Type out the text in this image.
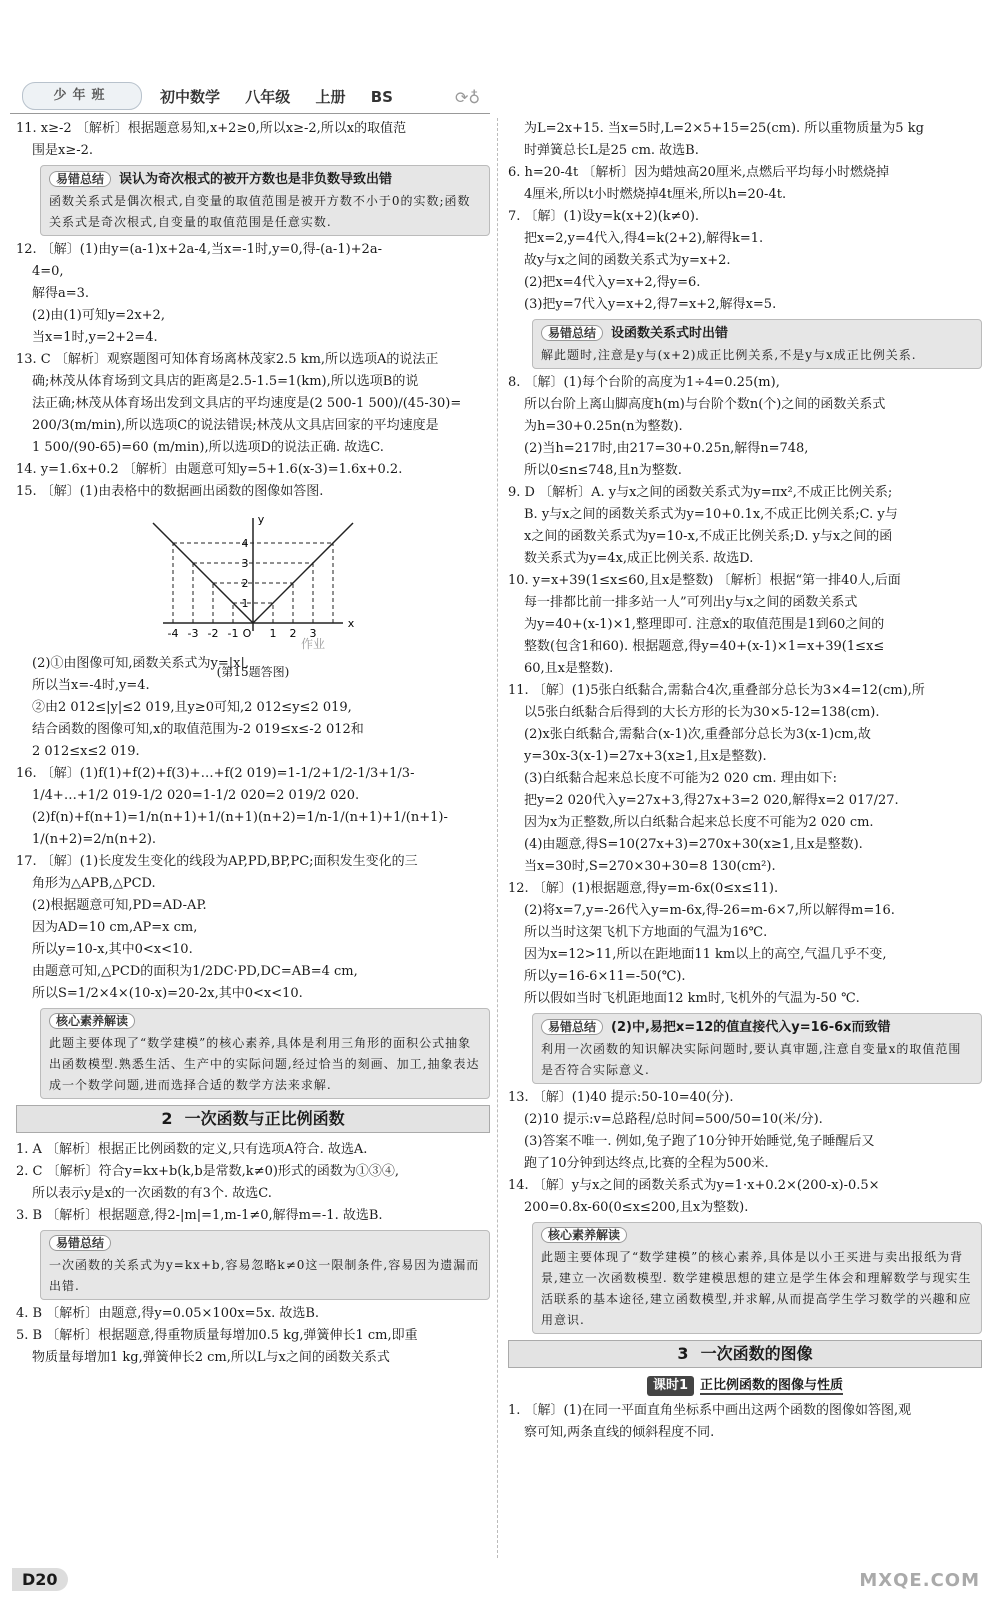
少年班	初中数学 八年级 上册 BS	⟳♁
11. x≥-2 〔解析〕根据题意易知,x+2≥0,所以x≥-2,所以x的取值范
围是x≥-2.
易错总结 误认为奇次根式的被开方数也是非负数导致出错
函数关系式是偶次根式,自变量的取值范围是被开方数不小于0的实数;函数关系式是奇次根式,自变量的取值范围是任意实数.
12. 〔解〕(1)由y=(a-1)x+2a-4,当x=-1时,y=0,得-(a-1)+2a-
4=0,
解得a=3.
(2)由(1)可知y=2x+2,
当x=1时,y=2+2=4.
13. C 〔解析〕观察题图可知体育场离林茂家2.5 km,所以选项A的说法正
确;林茂从体育场到文具店的距离是2.5-1.5=1(km),所以选项B的说
法正确;林茂从体育场出发到文具店的平均速度是(2 500-1 500)/(45-30)=
200/3(m/min),所以选项C的说法错误;林茂从文具店回家的平均速度是
1 500/(90-65)=60 (m/min),所以选项D的说法正确. 故选C.
14. y=1.6x+0.2 〔解析〕由题意可知y=5+1.6(x-3)=1.6x+0.2.
15. 〔解〕(1)由表格中的数据画出函数的图像如答图.
-4 -3 -2 -1 O 1 2 3
4
3
2
1
x
y
(第15题答图)
作业
(2)①由图像可知,函数关系式为y=|x|,
所以当x=-4时,y=4.
②由2 012≤|y|≤2 019,且y≥0可知,2 012≤y≤2 019,
结合函数的图像可知,x的取值范围为-2 019≤x≤-2 012和
2 012≤x≤2 019.
16. 〔解〕(1)f(1)+f(2)+f(3)+…+f(2 019)=1-1/2+1/2-1/3+1/3-
1/4+…+1/2 019-1/2 020=1-1/2 020=2 019/2 020.
(2)f(n)+f(n+1)=1/n(n+1)+1/(n+1)(n+2)=1/n-1/(n+1)+1/(n+1)-
1/(n+2)=2/n(n+2).
17. 〔解〕(1)长度发生变化的线段为AP,PD,BP,PC;面积发生变化的三
角形为△APB,△PCD.
(2)根据题意可知,PD=AD-AP.
因为AD=10 cm,AP=x cm,
所以y=10-x,其中0<x<10.
由题意可知,△PCD的面积为1/2DC·PD,DC=AB=4 cm,
所以S=1/2×4×(10-x)=20-2x,其中0<x<10.
核心素养解读
此题主要体现了“数学建模”的核心素养,具体是利用三角形的面积公式抽象出函数模型.熟悉生活、生产中的实际问题,经过恰当的刻画、加工,抽象表达成一个数学问题,进而选择合适的数学方法来求解.
2 一次函数与正比例函数
1. A 〔解析〕根据正比例函数的定义,只有选项A符合. 故选A.
2. C 〔解析〕符合y=kx+b(k,b是常数,k≠0)形式的函数为①③④,
所以表示y是x的一次函数的有3个. 故选C.
3. B 〔解析〕根据题意,得2-|m|=1,m-1≠0,解得m=-1. 故选B.
易错总结
一次函数的关系式为y=kx+b,容易忽略k≠0这一限制条件,容易因为遗漏而出错.
4. B 〔解析〕由题意,得y=0.05×100x=5x. 故选B.
5. B 〔解析〕根据题意,得重物质量每增加0.5 kg,弹簧伸长1 cm,即重
物质量每增加1 kg,弹簧伸长2 cm,所以L与x之间的函数关系式
为L=2x+15. 当x=5时,L=2×5+15=25(cm). 所以重物质量为5 kg
时弹簧总长L是25 cm. 故选B.
6. h=20-4t 〔解析〕因为蜡烛高20厘米,点燃后平均每小时燃烧掉
4厘米,所以t小时燃烧掉4t厘米,所以h=20-4t.
7. 〔解〕(1)设y=k(x+2)(k≠0).
把x=2,y=4代入,得4=k(2+2),解得k=1.
故y与x之间的函数关系式为y=x+2.
(2)把x=4代入y=x+2,得y=6.
(3)把y=7代入y=x+2,得7=x+2,解得x=5.
易错总结 设函数关系式时出错
解此题时,注意是y与(x+2)成正比例关系,不是y与x成正比例关系.
8. 〔解〕(1)每个台阶的高度为1÷4=0.25(m),
所以台阶上离山脚高度h(m)与台阶个数n(个)之间的函数关系式
为h=30+0.25n(n为整数).
(2)当h=217时,由217=30+0.25n,解得n=748,
所以0≤n≤748,且n为整数.
9. D 〔解析〕A. y与x之间的函数关系式为y=πx²,不成正比例关系;
B. y与x之间的函数关系式为y=10+0.1x,不成正比例关系;C. y与
x之间的函数关系式为y=10-x,不成正比例关系;D. y与x之间的函
数关系式为y=4x,成正比例关系. 故选D.
10. y=x+39(1≤x≤60,且x是整数) 〔解析〕根据“第一排40人,后面
每一排都比前一排多站一人”可列出y与x之间的函数关系式
为y=40+(x-1)×1,整理即可. 注意x的取值范围是1到60之间的
整数(包含1和60). 根据题意,得y=40+(x-1)×1=x+39(1≤x≤
60,且x是整数).
11. 〔解〕(1)5张白纸黏合,需黏合4次,重叠部分总长为3×4=12(cm),所
以5张白纸黏合后得到的大长方形的长为30×5-12=138(cm).
(2)x张白纸黏合,需黏合(x-1)次,重叠部分总长为3(x-1)cm,故
y=30x-3(x-1)=27x+3(x≥1,且x是整数).
(3)白纸黏合起来总长度不可能为2 020 cm. 理由如下:
把y=2 020代入y=27x+3,得27x+3=2 020,解得x=2 017/27.
因为x为正整数,所以白纸黏合起来总长度不可能为2 020 cm.
(4)由题意,得S=10(27x+3)=270x+30(x≥1,且x是整数).
当x=30时,S=270×30+30=8 130(cm²).
12. 〔解〕(1)根据题意,得y=m-6x(0≤x≤11).
(2)将x=7,y=-26代入y=m-6x,得-26=m-6×7,所以解得m=16.
所以当时这架飞机下方地面的气温为16℃.
因为x=12>11,所以在距地面11 km以上的高空,气温几乎不变,
所以y=16-6×11=-50(℃).
所以假如当时飞机距地面12 km时,飞机外的气温为-50 ℃.
易错总结 (2)中,易把x=12的值直接代入y=16-6x而致错
利用一次函数的知识解决实际问题时,要认真审题,注意自变量x的取值范围是否符合实际意义.
13. 〔解〕(1)40 提示:50-10=40(分).
(2)10 提示:v=总路程/总时间=500/50=10(米/分).
(3)答案不唯一. 例如,兔子跑了10分钟开始睡觉,兔子睡醒后又
跑了10分钟到达终点,比赛的全程为500米.
14. 〔解〕y与x之间的函数关系式为y=1·x+0.2×(200-x)-0.5×
200=0.8x-60(0≤x≤200,且x为整数).
核心素养解读
此题主要体现了“数学建模”的核心素养,具体是以小王买进与卖出报纸为背景,建立一次函数模型. 数学建模思想的建立是学生体会和理解数学与现实生活联系的基本途径,建立函数模型,并求解,从而提高学生学习数学的兴趣和应用意识.
3 一次函数的图像
课时1 正比例函数的图像与性质
1. 〔解〕(1)在同一平面直角坐标系中画出这两个函数的图像如答图,观
察可知,两条直线的倾斜程度不同.
D20	MXQE.COM
